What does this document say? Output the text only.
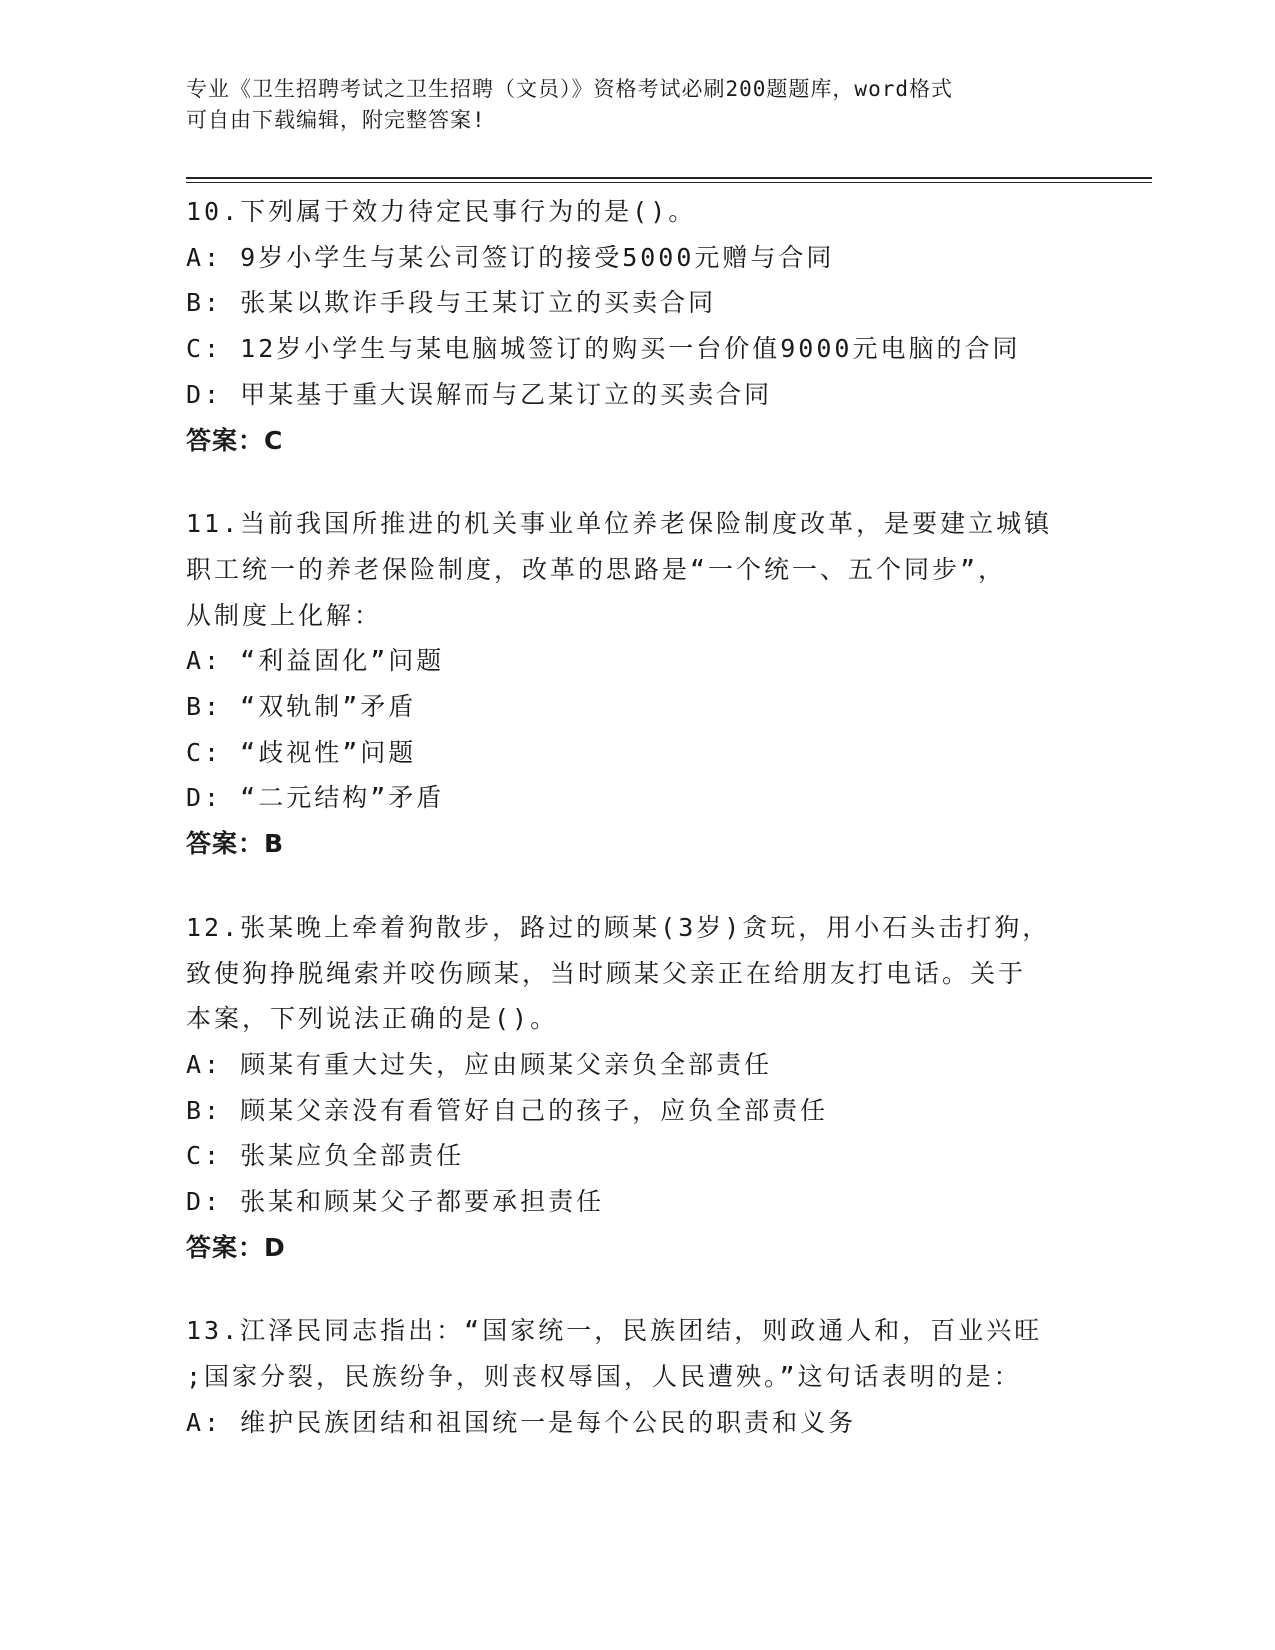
专业《卫生招聘考试之卫生招聘（文员）》资格考试必刷200题题库，word格式
可自由下载编辑，附完整答案!
10.下列属于效力待定民事行为的是()。
A: 9岁小学生与某公司签订的接受5000元赠与合同
B: 张某以欺诈手段与王某订立的买卖合同
C: 12岁小学生与某电脑城签订的购买一台价值9000元电脑的合同
D: 甲某基于重大误解而与乙某订立的买卖合同
答案：C
11.当前我国所推进的机关事业单位养老保险制度改革，是要建立城镇
职工统一的养老保险制度，改革的思路是“一个统一、五个同步”，
从制度上化解：
A: “利益固化”问题
B: “双轨制”矛盾
C: “歧视性”问题
D: “二元结构”矛盾
答案：B
12.张某晚上牵着狗散步，路过的顾某(3岁)贪玩，用小石头击打狗，
致使狗挣脱绳索并咬伤顾某，当时顾某父亲正在给朋友打电话。关于
本案，下列说法正确的是()。
A: 顾某有重大过失，应由顾某父亲负全部责任
B: 顾某父亲没有看管好自己的孩子，应负全部责任
C: 张某应负全部责任
D: 张某和顾某父子都要承担责任
答案：D
13.江泽民同志指出：“国家统一，民族团结，则政通人和，百业兴旺
;国家分裂，民族纷争，则丧权辱国，人民遭殃。”这句话表明的是：
A: 维护民族团结和祖国统一是每个公民的职责和义务
